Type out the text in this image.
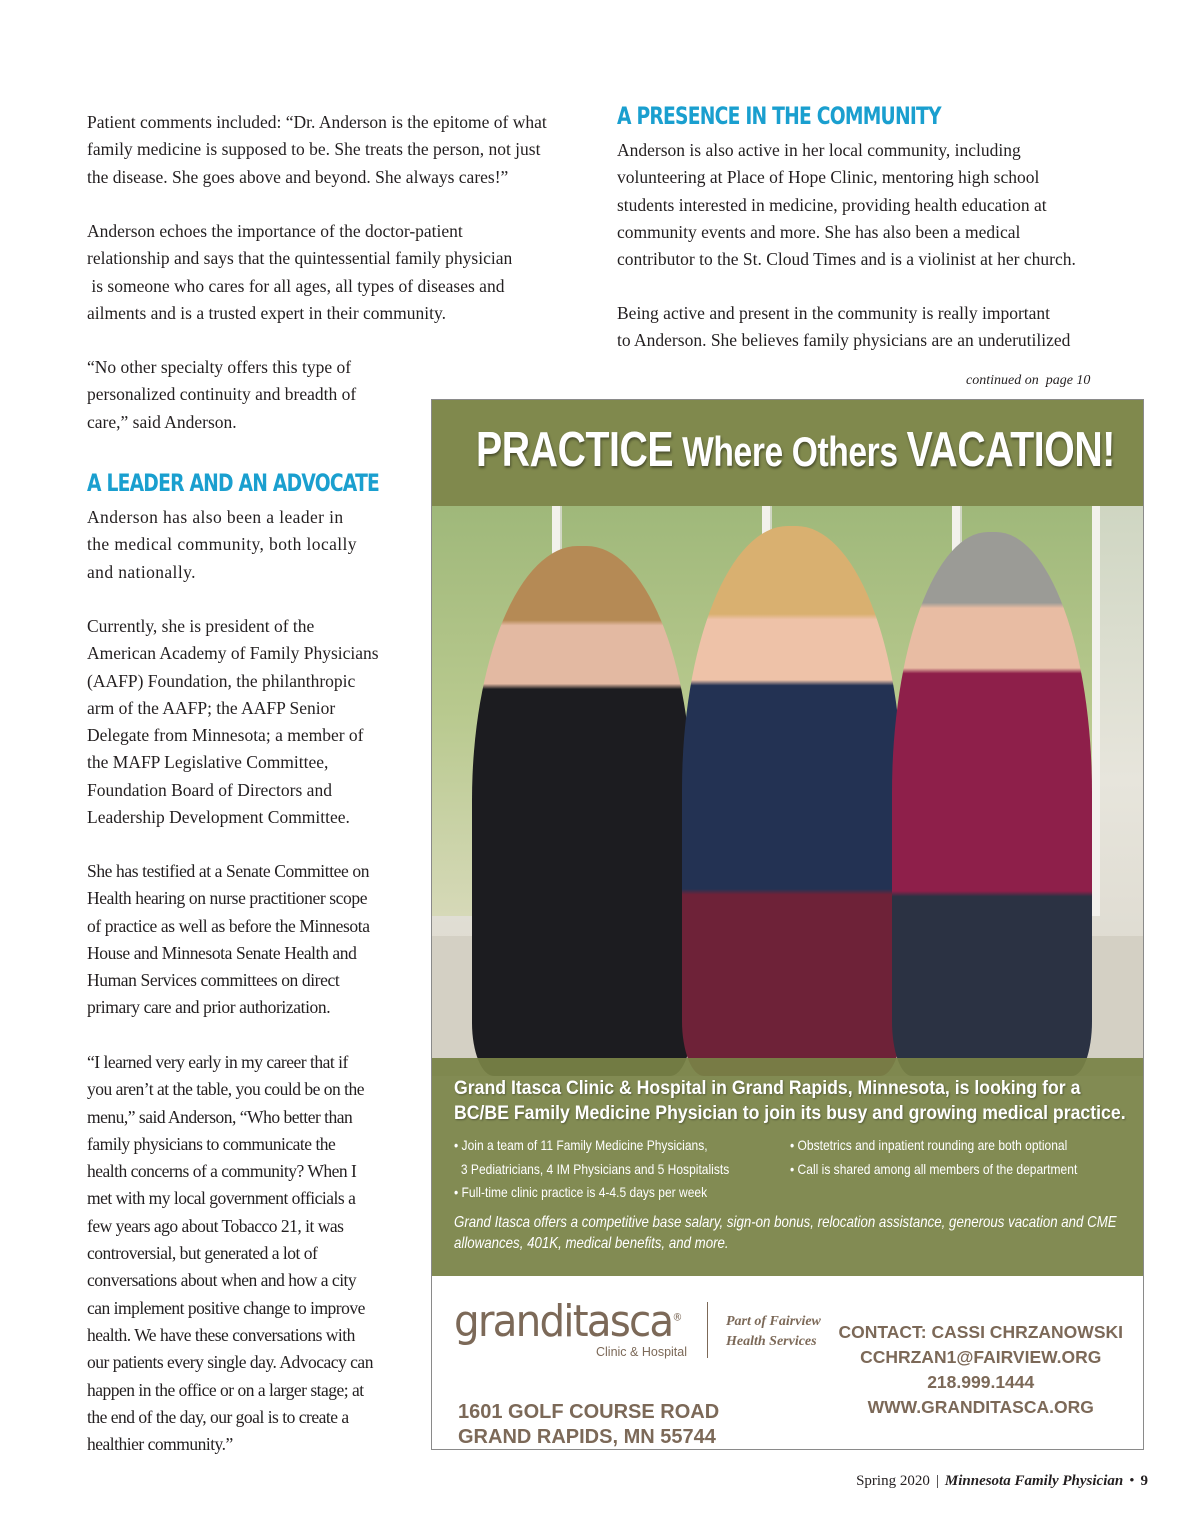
Patient comments included: “Dr. Anderson is the epitome of what
family medicine is supposed to be. She treats the person, not just
the disease. She goes above and beyond. She always cares!”

Anderson echoes the importance of the doctor-patient
relationship and says that the quintessential family physician
is someone who cares for all ages, all types of diseases and
ailments and is a trusted expert in their community.

“No other specialty offers this type of
personalized continuity and breadth of
care,” said Anderson.

A LEADER AND AN ADVOCATE

Anderson has also been a leader in
the medical community, both locally
and nationally.

Currently, she is president of the
American Academy of Family Physicians
(AAFP) Foundation, the philanthropic
arm of the AAFP; the AAFP Senior
Delegate from Minnesota; a member of
the MAFP Legislative Committee,
Foundation Board of Directors and
Leadership Development Committee.

She has testified at a Senate Committee on
Health hearing on nurse practitioner scope
of practice as well as before the Minnesota
House and Minnesota Senate Health and
Human Services committees on direct
primary care and prior authorization.

“I learned very early in my career that if
you aren’t at the table, you could be on the
menu,” said Anderson, “Who better than
family physicians to communicate the
health concerns of a community? When I
met with my local government officials a
few years ago about Tobacco 21, it was
controversial, but generated a lot of
conversations about when and how a city
can implement positive change to improve
health. We have these conversations with
our patients every single day. Advocacy can
happen in the office or on a larger stage; at
the end of the day, our goal is to create a
healthier community.”

A PRESENCE IN THE COMMUNITY

Anderson is also active in her local community, including
volunteering at Place of Hope Clinic, mentoring high school
students interested in medicine, providing health education at
community events and more. She has also been a medical
contributor to the St. Cloud Times and is a violinist at her church.

Being active and present in the community is really important
to Anderson. She believes family physicians are an underutilized

continued on  page 10
PRACTICE Where Others VACATION!
Grand Itasca Clinic & Hospital in Grand Rapids, Minnesota, is looking for a
BC/BE Family Medicine Physician to join its busy and growing medical practice.
• Join a team of 11 Family Medicine Physicians,
3 Pediatricians, 4 IM Physicians and 5 Hospitalists
• Full-time clinic practice is 4-4.5 days per week
• Obstetrics and inpatient rounding are both optional
• Call is shared among all members of the department
Grand Itasca offers a competitive base salary, sign-on bonus, relocation assistance, generous vacation and CME
allowances, 401K, medical benefits, and more.
granditasca®
Clinic & Hospital
Part of Fairview
Health Services
1601 GOLF COURSE ROAD
GRAND RAPIDS, MN 55744
CONTACT: CASSI CHRZANOWSKI
CCHRZAN1@FAIRVIEW.ORG
218.999.1444
WWW.GRANDITASCA.ORG
Spring 2020 | Minnesota Family Physician • 9
